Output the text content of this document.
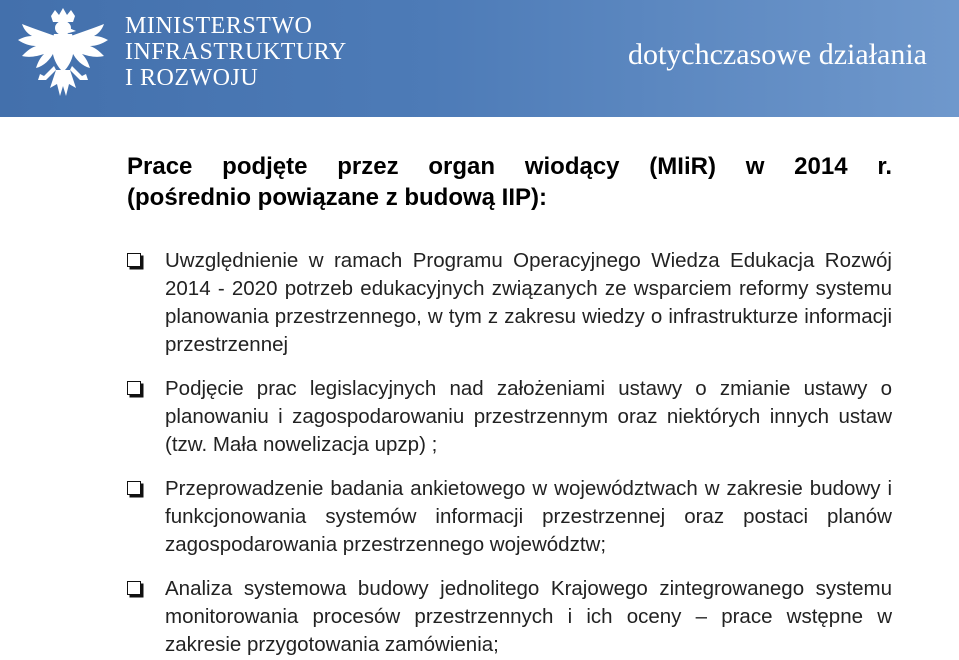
MINISTERSTWO
INFRASTRUKTURY
I ROZWOJU
dotychczasowe działania
Prace podjęte przez organ wiodący (MIiR) w 2014 r.
(pośrednio powiązane z budową IIP):
Uwzględnienie w ramach Programu Operacyjnego Wiedza Edukacja Rozwój 2014 - 2020 potrzeb edukacyjnych związanych ze wsparciem reformy systemu planowania przestrzennego, w tym z zakresu wiedzy o infrastrukturze informacji przestrzennej
Podjęcie prac legislacyjnych nad założeniami ustawy o zmianie ustawy o planowaniu i zagospodarowaniu przestrzennym oraz niektórych innych ustaw (tzw. Mała nowelizacja upzp) ;
Przeprowadzenie badania ankietowego w województwach w zakresie budowy i funkcjonowania systemów informacji przestrzennej oraz postaci planów zagospodarowania przestrzennego województw;
Analiza systemowa budowy jednolitego Krajowego zintegrowanego systemu monitorowania procesów przestrzennych i ich oceny – prace wstępne w zakresie przygotowania zamówienia;
